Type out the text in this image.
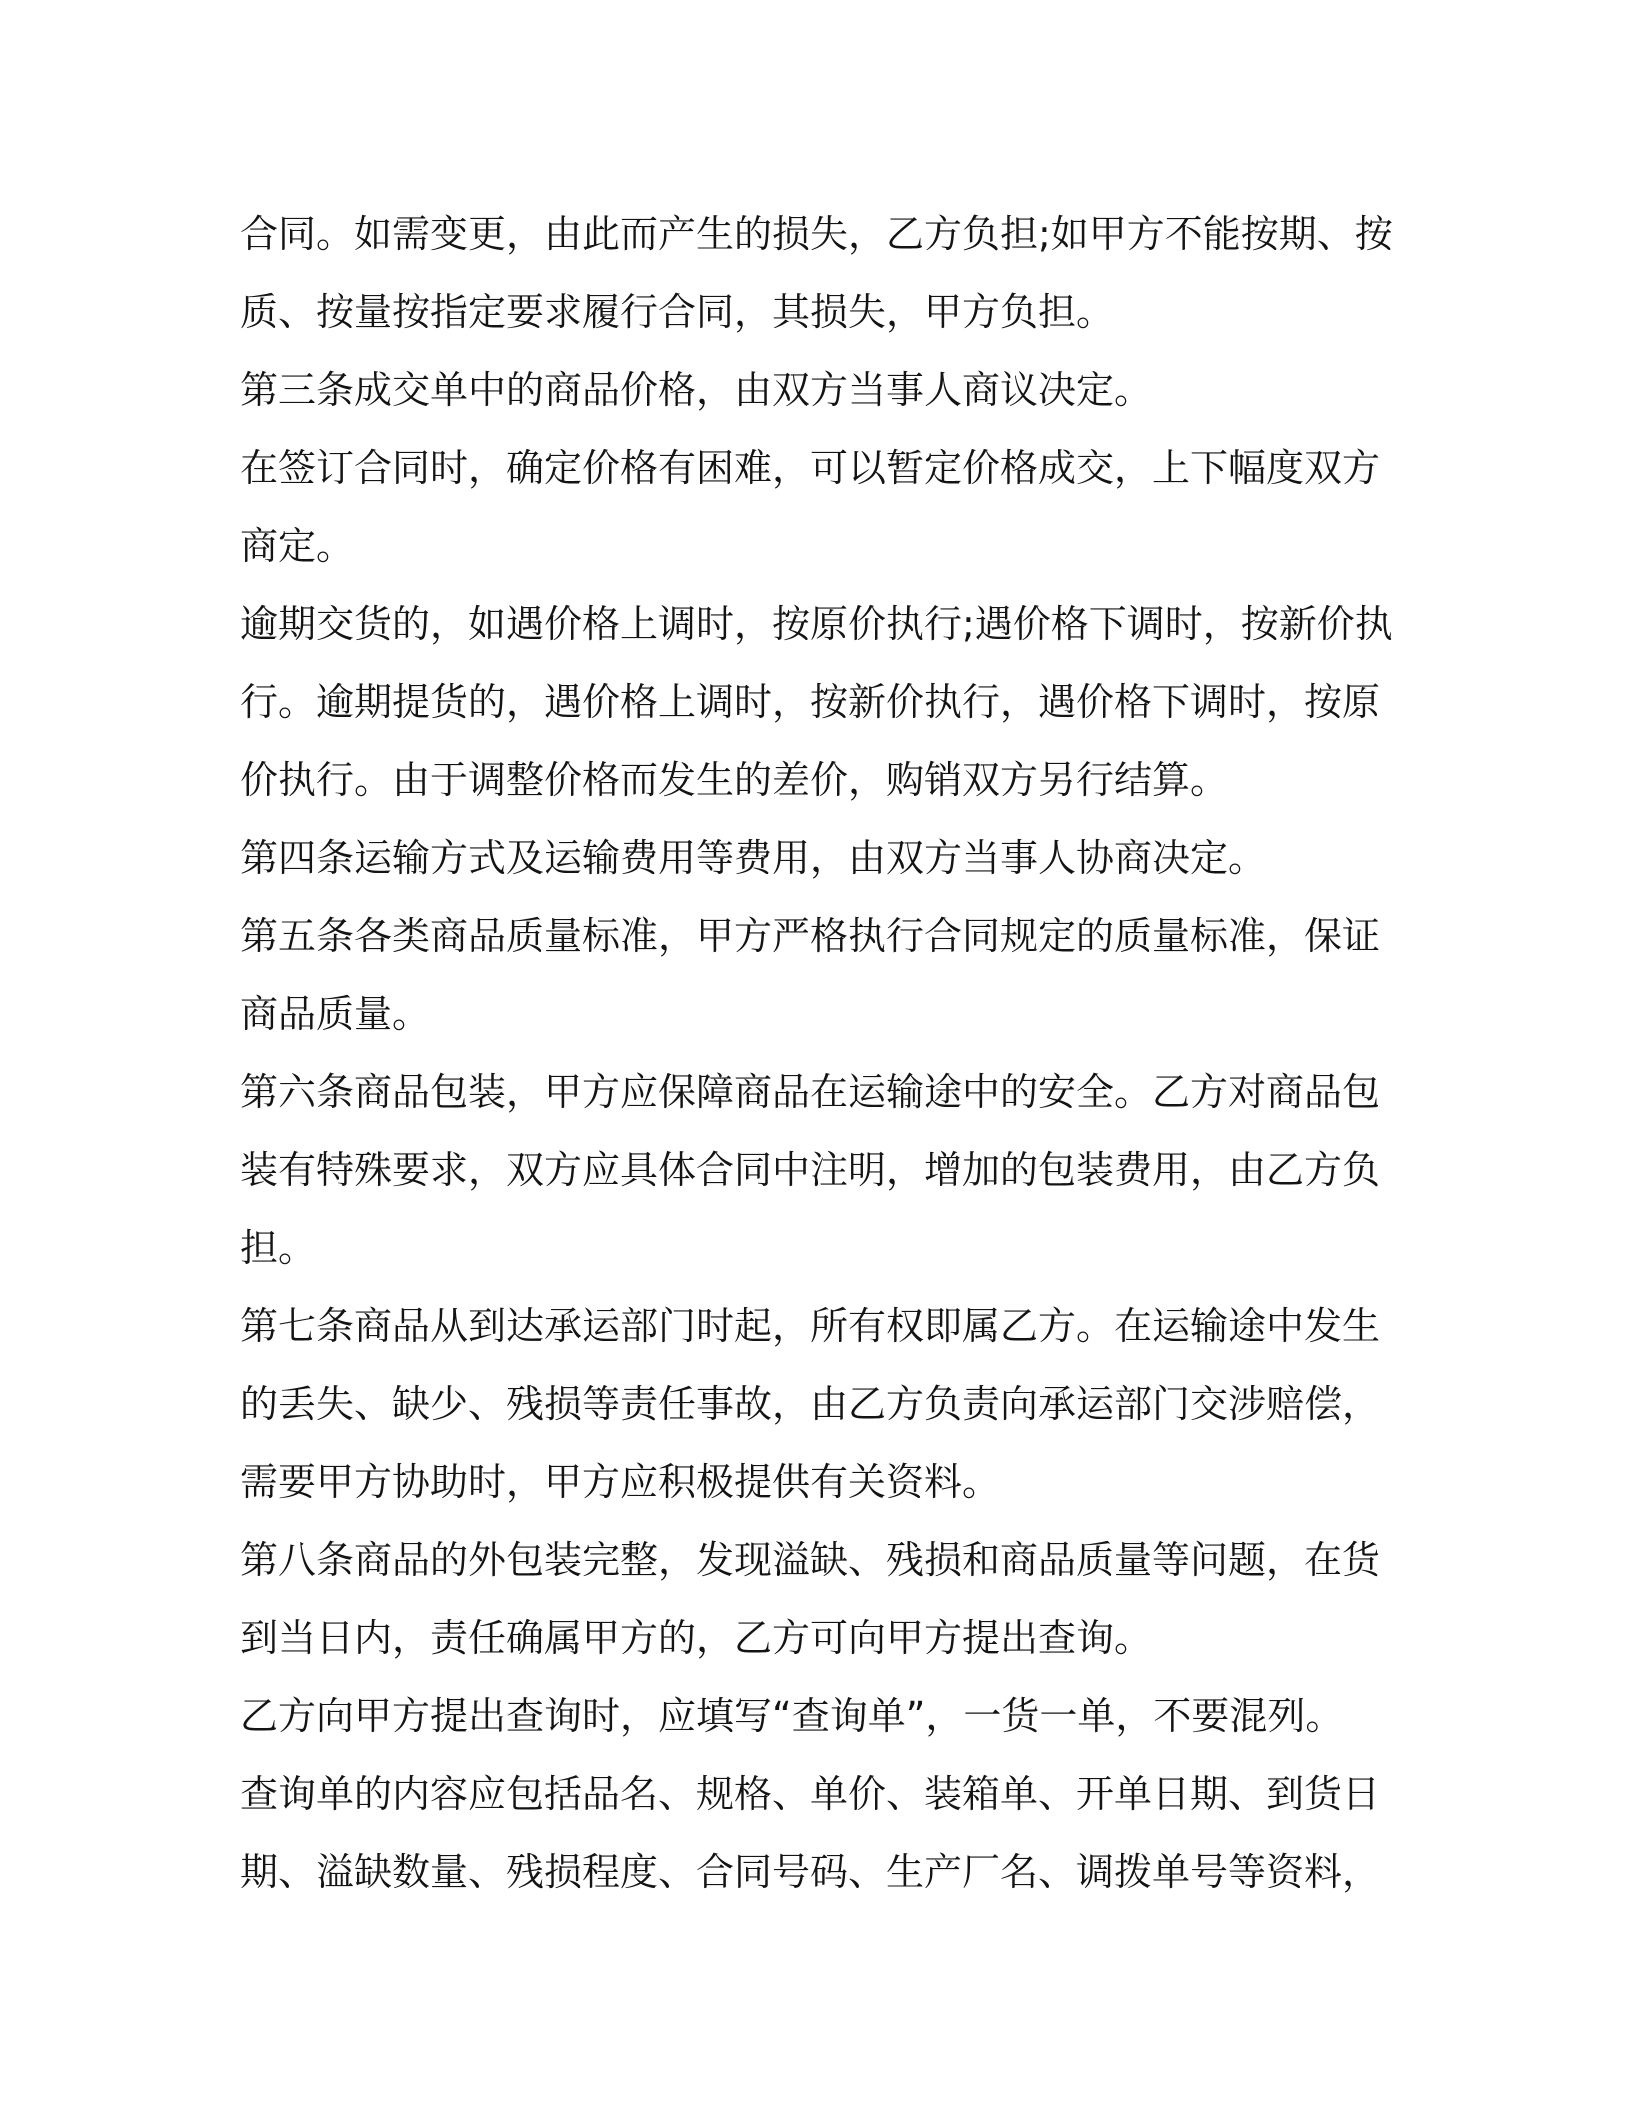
合同。如需变更，由此而产生的损失，乙方负担;如甲方不能按期、按
质、按量按指定要求履行合同，其损失，甲方负担。
第三条成交单中的商品价格，由双方当事人商议决定。
在签订合同时，确定价格有困难，可以暂定价格成交，上下幅度双方
商定。
逾期交货的，如遇价格上调时，按原价执行;遇价格下调时，按新价执
行。逾期提货的，遇价格上调时，按新价执行，遇价格下调时，按原
价执行。由于调整价格而发生的差价，购销双方另行结算。
第四条运输方式及运输费用等费用，由双方当事人协商决定。
第五条各类商品质量标准，甲方严格执行合同规定的质量标准，保证
商品质量。
第六条商品包装，甲方应保障商品在运输途中的安全。乙方对商品包
装有特殊要求，双方应具体合同中注明，增加的包装费用，由乙方负
担。
第七条商品从到达承运部门时起，所有权即属乙方。在运输途中发生
的丢失、缺少、残损等责任事故，由乙方负责向承运部门交涉赔偿，
需要甲方协助时，甲方应积极提供有关资料。
第八条商品的外包装完整，发现溢缺、残损和商品质量等问题，在货
到当日内，责任确属甲方的，乙方可向甲方提出查询。
乙方向甲方提出查询时，应填写“查询单”，一货一单，不要混列。
查询单的内容应包括品名、规格、单价、装箱单、开单日期、到货日
期、溢缺数量、残损程度、合同号码、生产厂名、调拨单号等资料，
